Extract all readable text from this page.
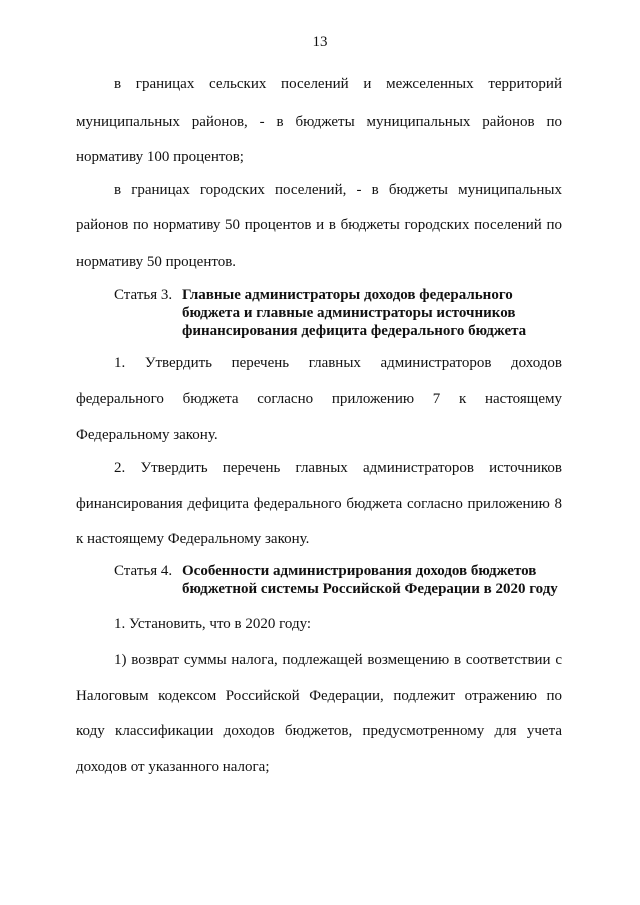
13
в границах сельских поселений и межселенных территорий
муниципальных районов, - в бюджеты муниципальных районов по
нормативу 100 процентов;
в границах городских поселений, - в бюджеты муниципальных
районов по нормативу 50 процентов и в бюджеты городских поселений по
нормативу 50 процентов.
Статья 3. Главные администраторы доходов федерального
бюджета и главные администраторы источников
финансирования дефицита федерального бюджета
1. Утвердить перечень главных администраторов доходов
федерального бюджета согласно приложению 7 к настоящему
Федеральному закону.
2. Утвердить перечень главных администраторов источников
финансирования дефицита федерального бюджета согласно приложению 8
к настоящему Федеральному закону.
Статья 4. Особенности администрирования доходов бюджетов
бюджетной системы Российской Федерации в 2020 году
1. Установить, что в 2020 году:
1) возврат суммы налога, подлежащей возмещению в соответствии с
Налоговым кодексом Российской Федерации, подлежит отражению по
коду классификации доходов бюджетов, предусмотренному для учета
доходов от указанного налога;
